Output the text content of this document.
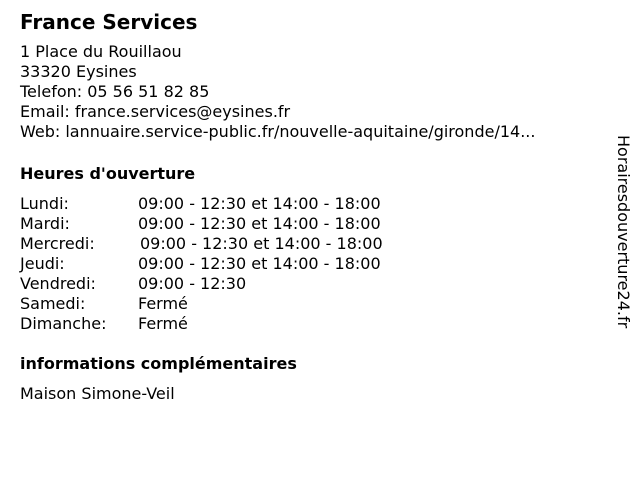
France Services
1 Place du Rouillaou
33320 Eysines
Telefon: 05 56 51 82 85
Email: france.services@eysines.fr
Web: lannuaire.service-public.fr/nouvelle-aquitaine/gironde/14...
Heures d'ouverture
Lundi:	09:00 - 12:30 et 14:00 - 18:00
Mardi:	09:00 - 12:30 et 14:00 - 18:00
Mercredi:	09:00 - 12:30 et 14:00 - 18:00
Jeudi:	09:00 - 12:30 et 14:00 - 18:00
Vendredi:	09:00 - 12:30
Samedi:	Fermé
Dimanche:	Fermé
informations complémentaires
Maison Simone-Veil
Horairesdouverture24.fr
